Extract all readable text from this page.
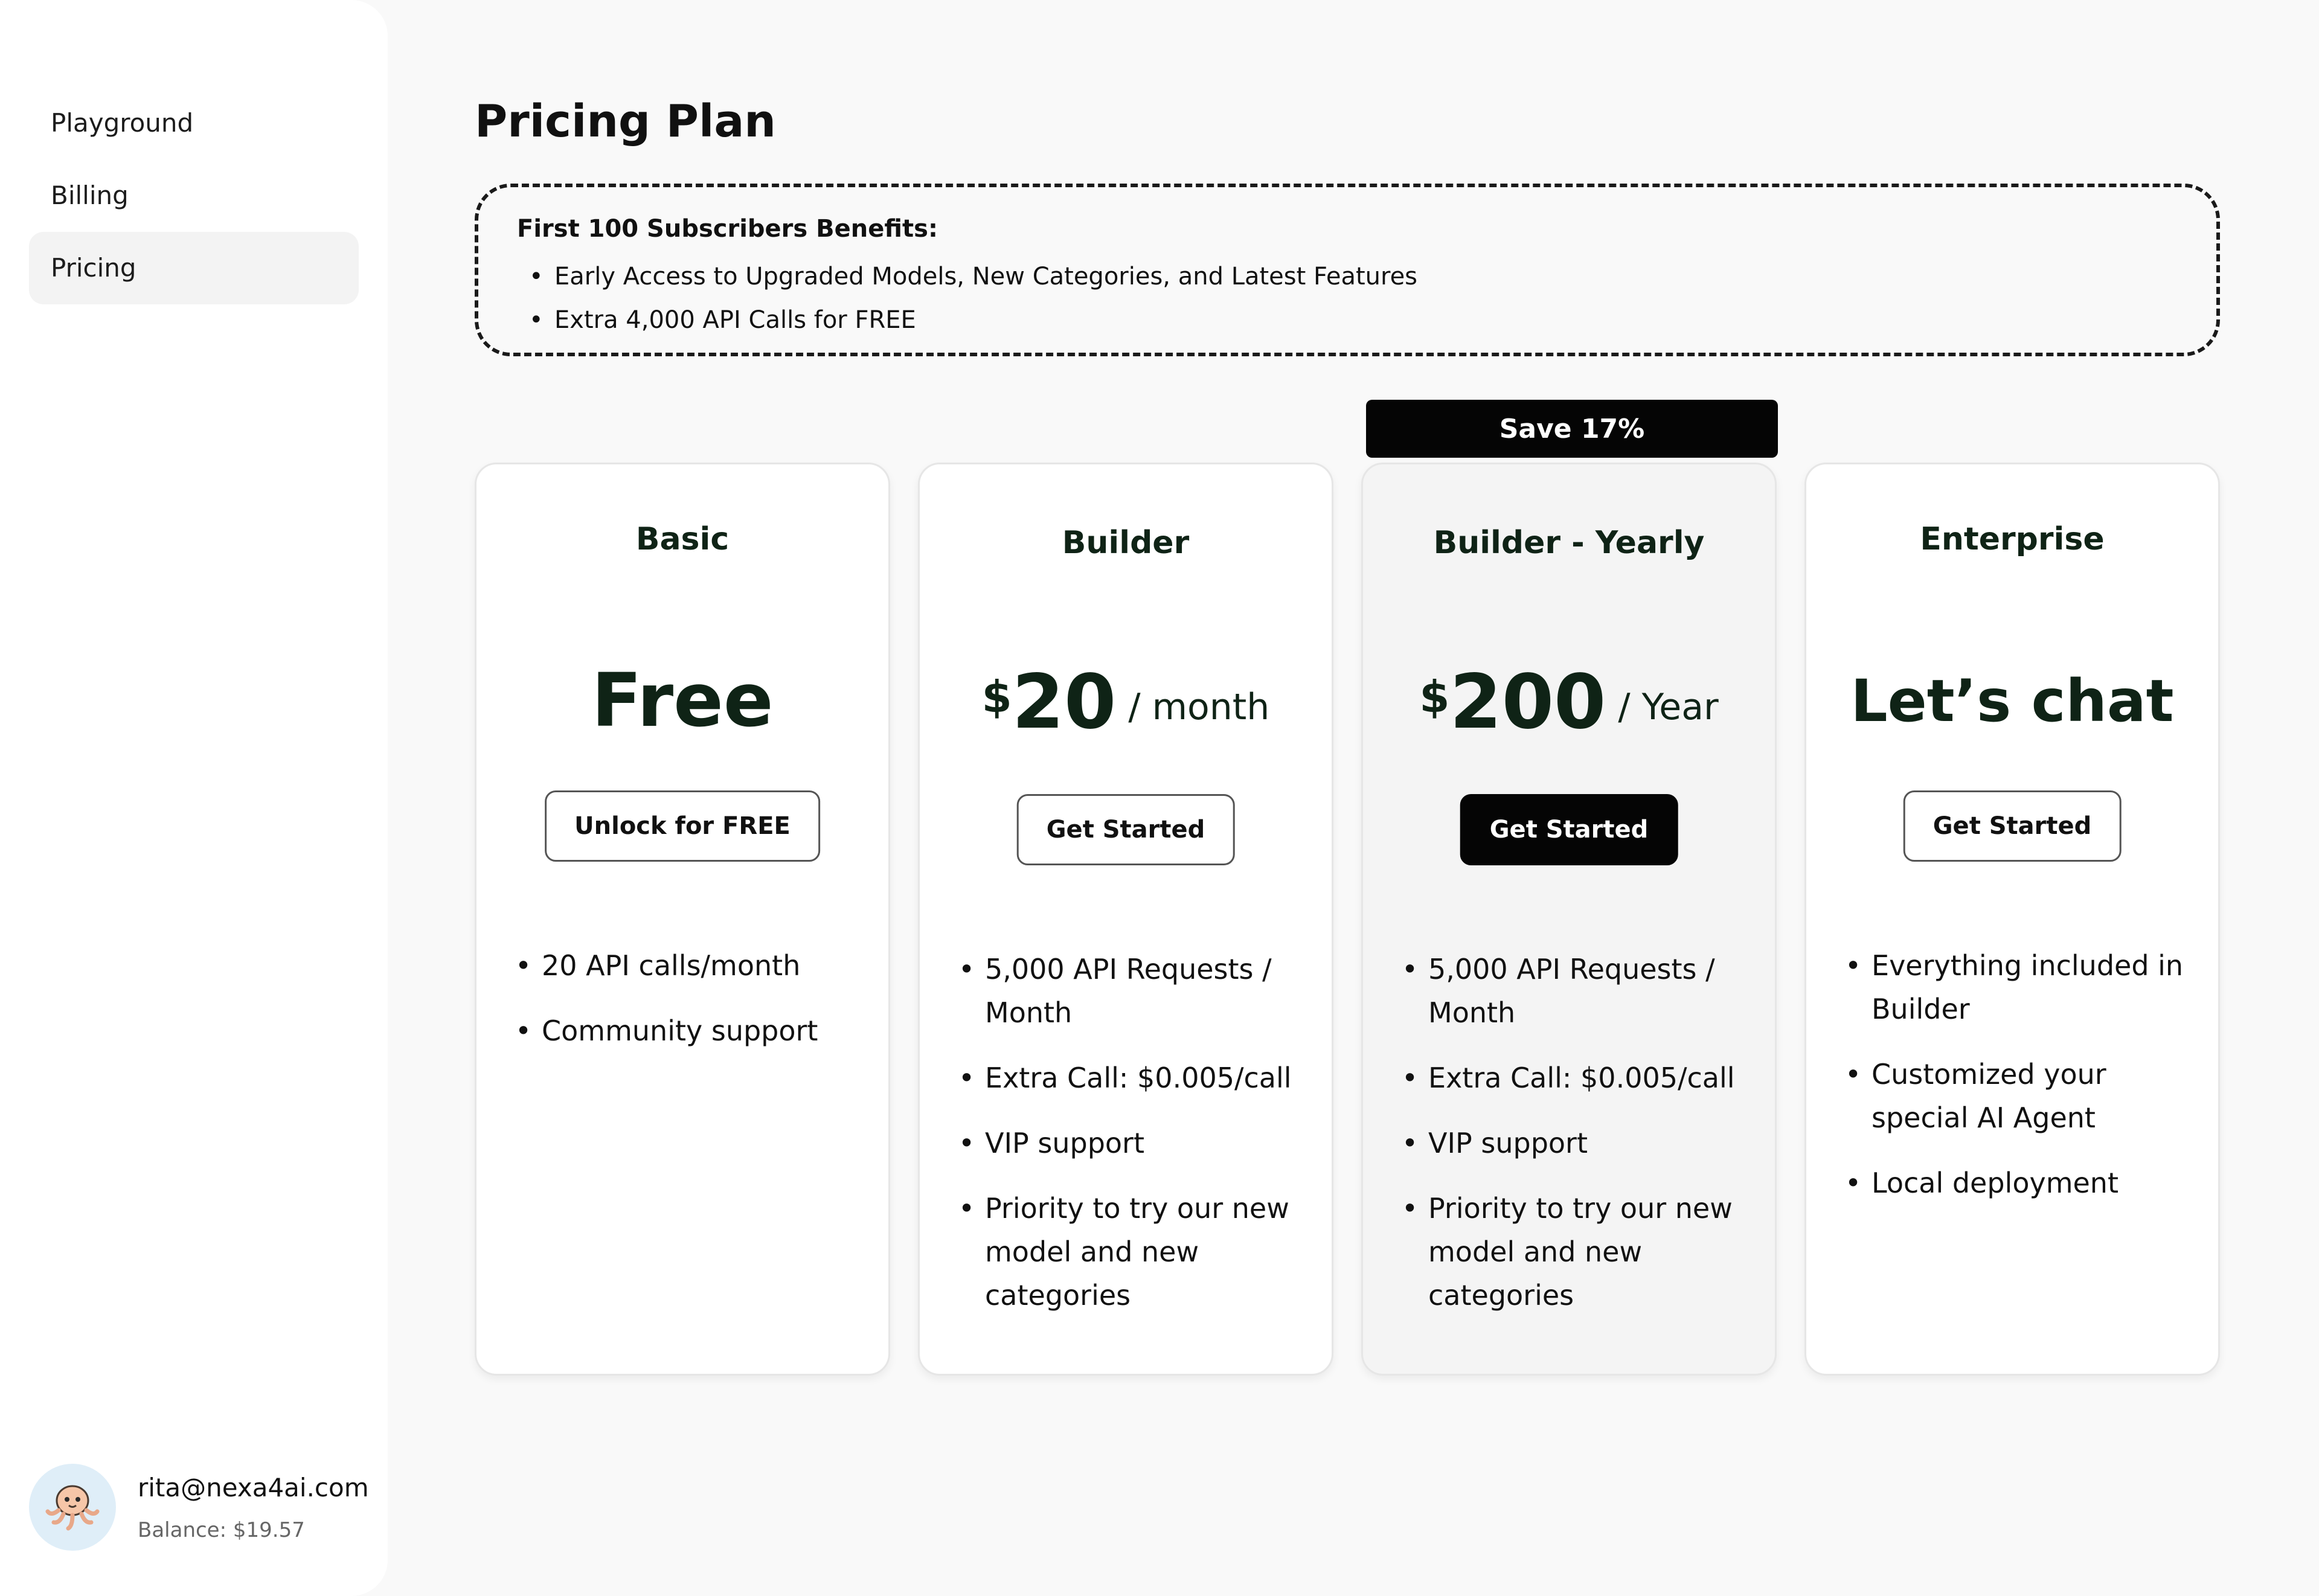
Playground
Billing
Pricing
rita@nexa4ai.com
Balance: $19.57
Pricing Plan
First 100 Subscribers Benefits:
• Early Access to Upgraded Models, New Categories, and Latest Features
• Extra 4,000 API Calls for FREE
Save 17%
Basic
Free
Unlock for FREE
• 20 API calls/month
• Community support
Builder
$20 / month
Get Started
• 5,000 API Requests / Month
• Extra Call: $0.005/call
• VIP support
• Priority to try our new model and new categories
Builder - Yearly
$200 / Year
Get Started
• 5,000 API Requests / Month
• Extra Call: $0.005/call
• VIP support
• Priority to try our new model and new categories
Enterprise
Let’s chat
Get Started
• Everything included in Builder
• Customized your special AI Agent
• Local deployment
